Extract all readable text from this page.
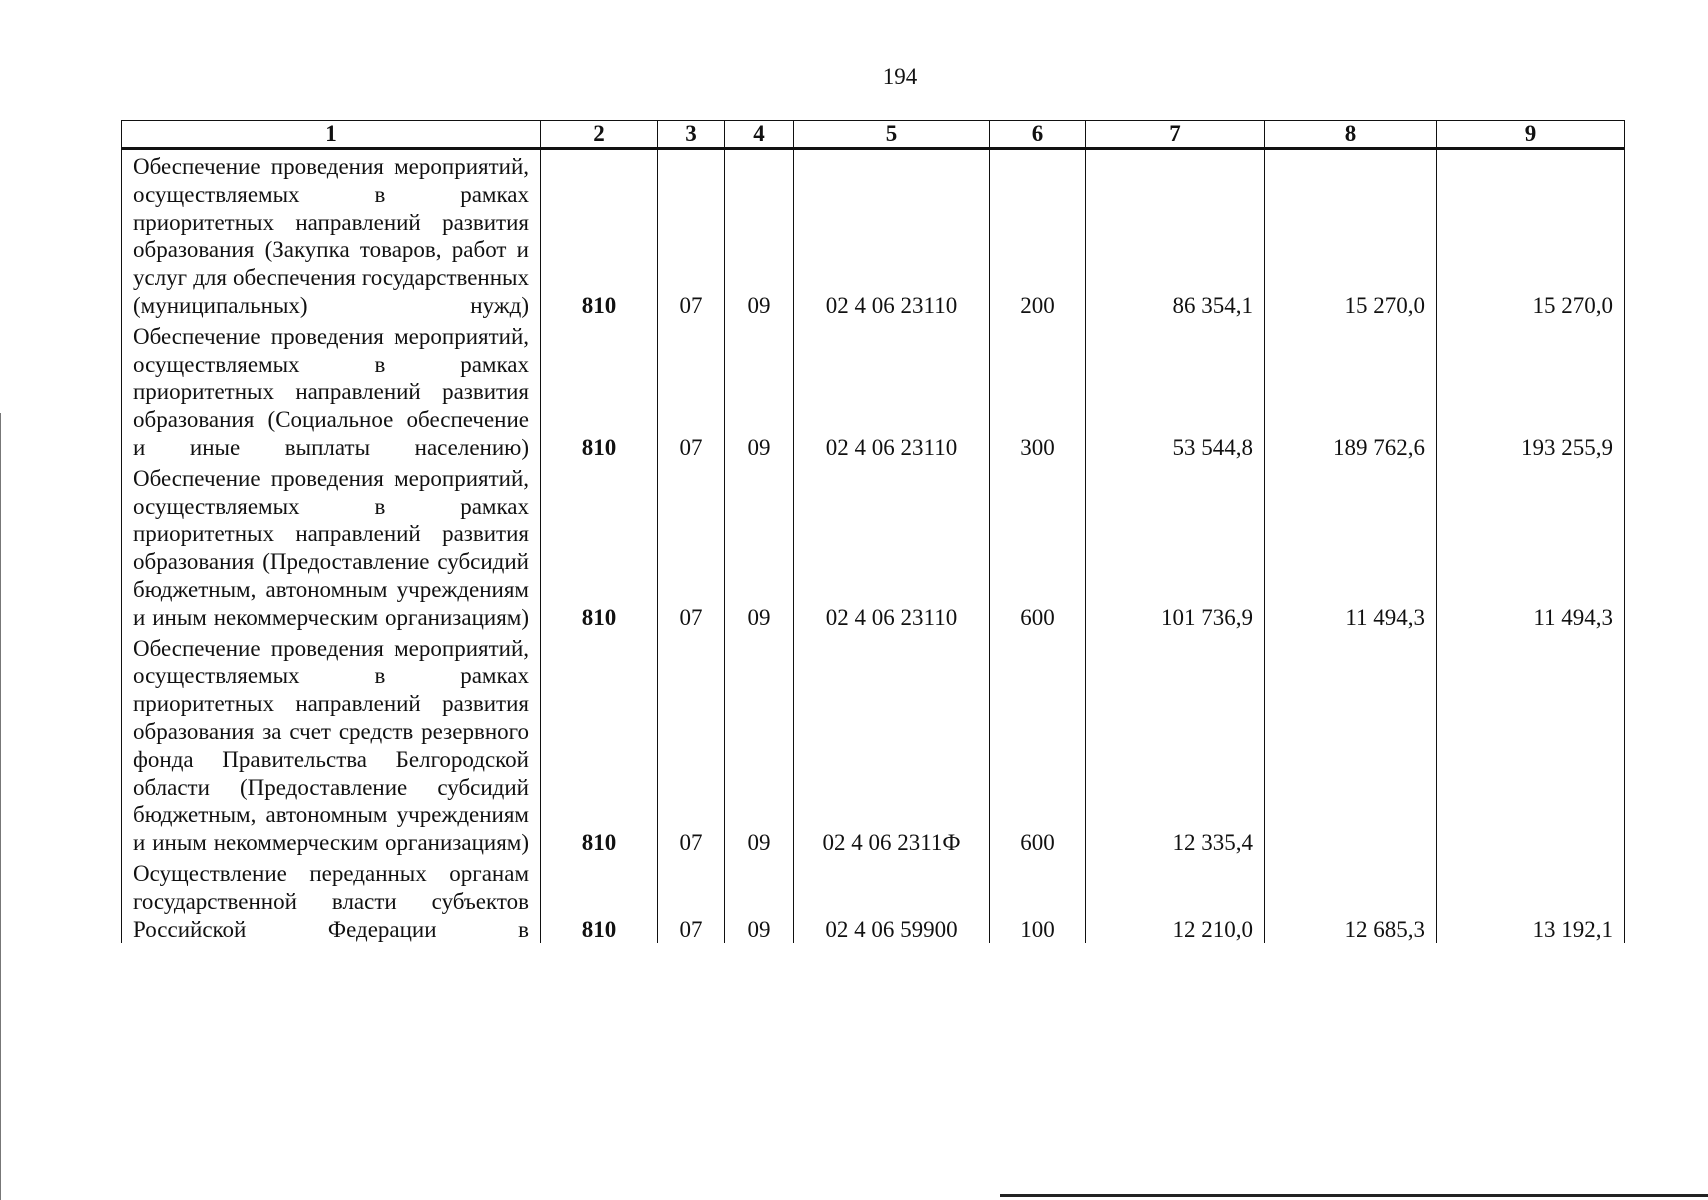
194
1	2	3	4	5	6	7	8	9
Обеспечение проведения мероприятий, осуществляемых в рамках приоритетных направлений развития образования (Закупка товаров, работ и услуг для обеспечения государственных (муниципальных) нужд)	810	07	09	02 4 06 23110	200	86 354,1	15 270,0	15 270,0
Обеспечение проведения мероприятий, осуществляемых в рамках приоритетных направлений развития образования (Социальное обеспечение и иные выплаты населению)	810	07	09	02 4 06 23110	300	53 544,8	189 762,6	193 255,9
Обеспечение проведения мероприятий, осуществляемых в рамках приоритетных направлений развития образования (Предоставление субсидий бюджетным, автономным учреждениям и иным некоммерческим организациям)	810	07	09	02 4 06 23110	600	101 736,9	11 494,3	11 494,3
Обеспечение проведения мероприятий, осуществляемых в рамках приоритетных направлений развития образования за счет средств резервного фонда Правительства Белгородской области (Предоставление субсидий бюджетным, автономным учреждениям и иным некоммерческим организациям)	810	07	09	02 4 06 2311Ф	600	12 335,4		
Осуществление переданных органам государственной власти субъектов Российской Федерации в	810	07	09	02 4 06 59900	100	12 210,0	12 685,3	13 192,1
